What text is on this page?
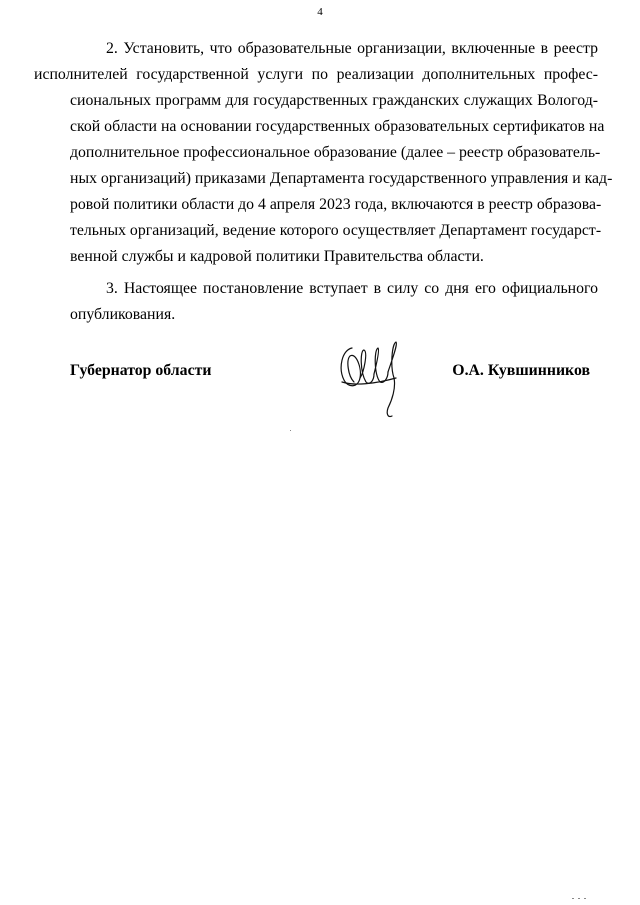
4

2. Установить, что образовательные организации, включенные в реестр
исполнителей государственной услуги по реализации дополнительных профес-
сиональных программ для государственных гражданских служащих Вологод-
ской области на основании государственных образовательных сертификатов на
дополнительное профессиональное образование (далее – реестр образователь-
ных организаций) приказами Департамента государственного управления и кад-
ровой политики области до 4 апреля 2023 года, включаются в реестр образова-
тельных организаций, ведение которого осуществляет Департамент государст-
венной службы и кадровой политики Правительства области.

3. Настоящее постановление вступает в силу со дня его официального
опубликования.

Губернатор области	О.А. Кувшинников
